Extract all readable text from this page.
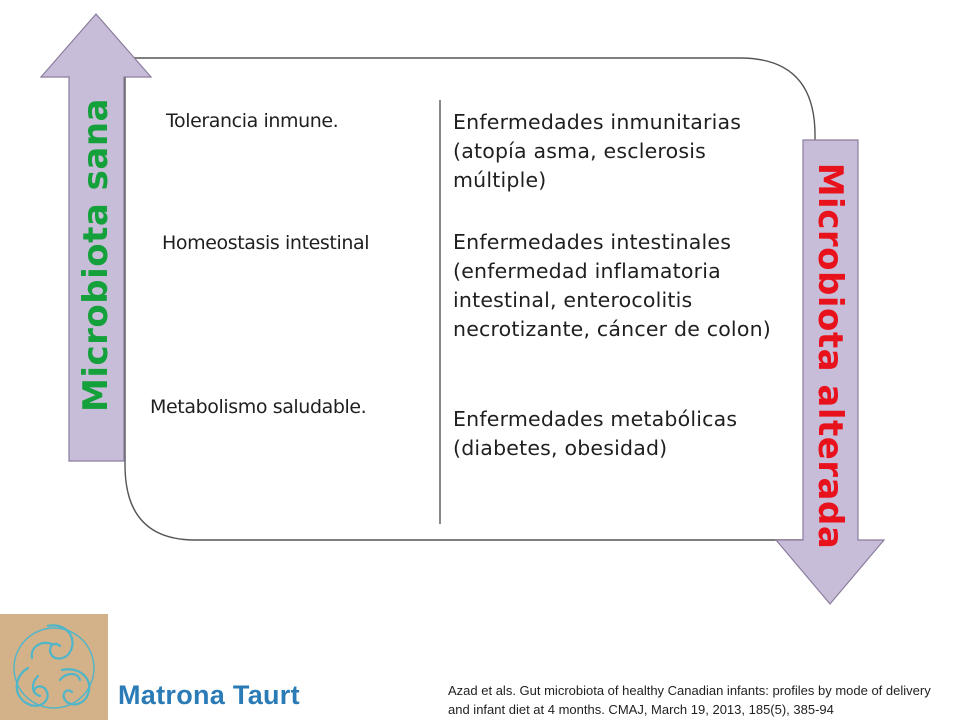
Microbiota sana	Microbiota alterada
Tolerancia inmune.
Homeostasis intestinal
Metabolismo saludable.
Enfermedades inmunitarias (atopía asma, esclerosis múltiple)
Enfermedades intestinales (enfermedad inflamatoria intestinal, enterocolitis necrotizante, cáncer de colon)
Enfermedades metabólicas (diabetes, obesidad)
Matrona Taurt	Azad et als. Gut microbiota of healthy Canadian infants: profiles by mode of delivery and infant diet at 4 months. CMAJ, March 19, 2013, 185(5), 385-94
